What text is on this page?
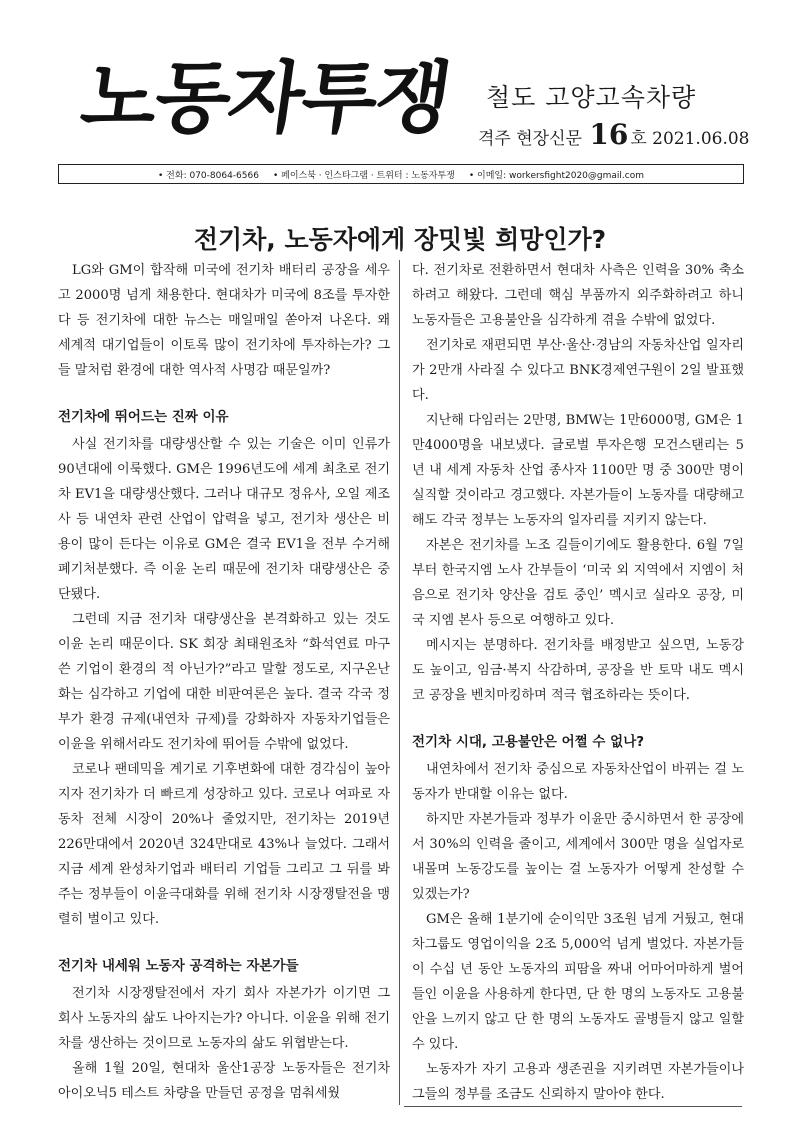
노동자투쟁 철도 고양고속차량
격주 현장신문 16 호 2021.06.08
• 전화: 070-8064-6566 • 페이스북 · 인스타그램 · 트위터 : 노동자투쟁 • 이메일: workersfight2020@gmail.com
전기차, 노동자에게 장밋빛 희망인가?

LG와 GM이 합작해 미국에 전기차 배터리 공장을 세우고 2000명 넘게 채용한다. 현대차가 미국에 8조를 투자한다 등 전기차에 대한 뉴스는 매일매일 쏟아져 나온다. 왜 세계적 대기업들이 이토록 많이 전기차에 투자하는가? 그들 말처럼 환경에 대한 역사적 사명감 때문일까?

전기차에 뛰어드는 진짜 이유

사실 전기차를 대량생산할 수 있는 기술은 이미 인류가 90년대에 이룩했다. GM은 1996년도에 세계 최초로 전기차 EV1을 대량생산했다. 그러나 대규모 정유사, 오일 제조사 등 내연차 관련 산업이 압력을 넣고, 전기차 생산은 비용이 많이 든다는 이유로 GM은 결국 EV1을 전부 수거해 폐기처분했다. 즉 이윤 논리 때문에 전기차 대량생산은 중단됐다.

그런데 지금 전기차 대량생산을 본격화하고 있는 것도 이윤 논리 때문이다. SK 회장 최태원조차 “화석연료 마구 쓴 기업이 환경의 적 아닌가?”라고 말할 정도로, 지구온난화는 심각하고 기업에 대한 비판여론은 높다. 결국 각국 정부가 환경 규제(내연차 규제)를 강화하자 자동차기업들은 이윤을 위해서라도 전기차에 뛰어들 수밖에 없었다.

코로나 팬데믹을 계기로 기후변화에 대한 경각심이 높아지자 전기차가 더 빠르게 성장하고 있다. 코로나 여파로 자동차 전체 시장이 20%나 줄었지만, 전기차는 2019년 226만대에서 2020년 324만대로 43%나 늘었다. 그래서 지금 세계 완성차기업과 배터리 기업들 그리고 그 뒤를 봐주는 정부들이 이윤극대화를 위해 전기차 시장쟁탈전을 맹렬히 벌이고 있다.

전기차 내세워 노동자 공격하는 자본가들

전기차 시장쟁탈전에서 자기 회사 자본가가 이기면 그 회사 노동자의 삶도 나아지는가? 아니다. 이윤을 위해 전기차를 생산하는 것이므로 노동자의 삶도 위협받는다.

올해 1월 20일, 현대차 울산1공장 노동자들은 전기차 아이오닉5 테스트 차량을 만들던 공정을 멈춰세웠

다. 전기차로 전환하면서 현대차 사측은 인력을 30% 축소하려고 해왔다. 그런데 핵심 부품까지 외주화하려고 하니 노동자들은 고용불안을 심각하게 겪을 수밖에 없었다.

전기차로 재편되면 부산·울산·경남의 자동차산업 일자리가 2만개 사라질 수 있다고 BNK경제연구원이 2일 발표했다.

지난해 다임러는 2만명, BMW는 1만6000명, GM은 1만4000명을 내보냈다. 글로벌 투자은행 모건스탠리는 5년 내 세계 자동차 산업 종사자 1100만 명 중 300만 명이 실직할 것이라고 경고했다. 자본가들이 노동자를 대량해고해도 각국 정부는 노동자의 일자리를 지키지 않는다.

자본은 전기차를 노조 길들이기에도 활용한다. 6월 7일부터 한국지엠 노사 간부들이 ‘미국 외 지역에서 지엠이 처음으로 전기차 양산을 검토 중인’ 멕시코 실라오 공장, 미국 지엠 본사 등으로 여행하고 있다.

메시지는 분명하다. 전기차를 배정받고 싶으면, 노동강도 높이고, 임금·복지 삭감하며, 공장을 반 토막 내도 멕시코 공장을 벤치마킹하며 적극 협조하라는 뜻이다.

전기차 시대, 고용불안은 어쩔 수 없나?

내연차에서 전기차 중심으로 자동차산업이 바뀌는 걸 노동자가 반대할 이유는 없다.

하지만 자본가들과 정부가 이윤만 중시하면서 한 공장에서 30%의 인력을 줄이고, 세계에서 300만 명을 실업자로 내몰며 노동강도를 높이는 걸 노동자가 어떻게 찬성할 수 있겠는가?

GM은 올해 1분기에 순이익만 3조원 넘게 거뒀고, 현대차그룹도 영업이익을 2조 5,000억 넘게 벌었다. 자본가들이 수십 년 동안 노동자의 피땀을 짜내 어마어마하게 벌어들인 이윤을 사용하게 한다면, 단 한 명의 노동자도 고용불안을 느끼지 않고 단 한 명의 노동자도 골병들지 않고 일할 수 있다.

노동자가 자기 고용과 생존권을 지키려면 자본가들이나 그들의 정부를 조금도 신뢰하지 말아야 한다.
